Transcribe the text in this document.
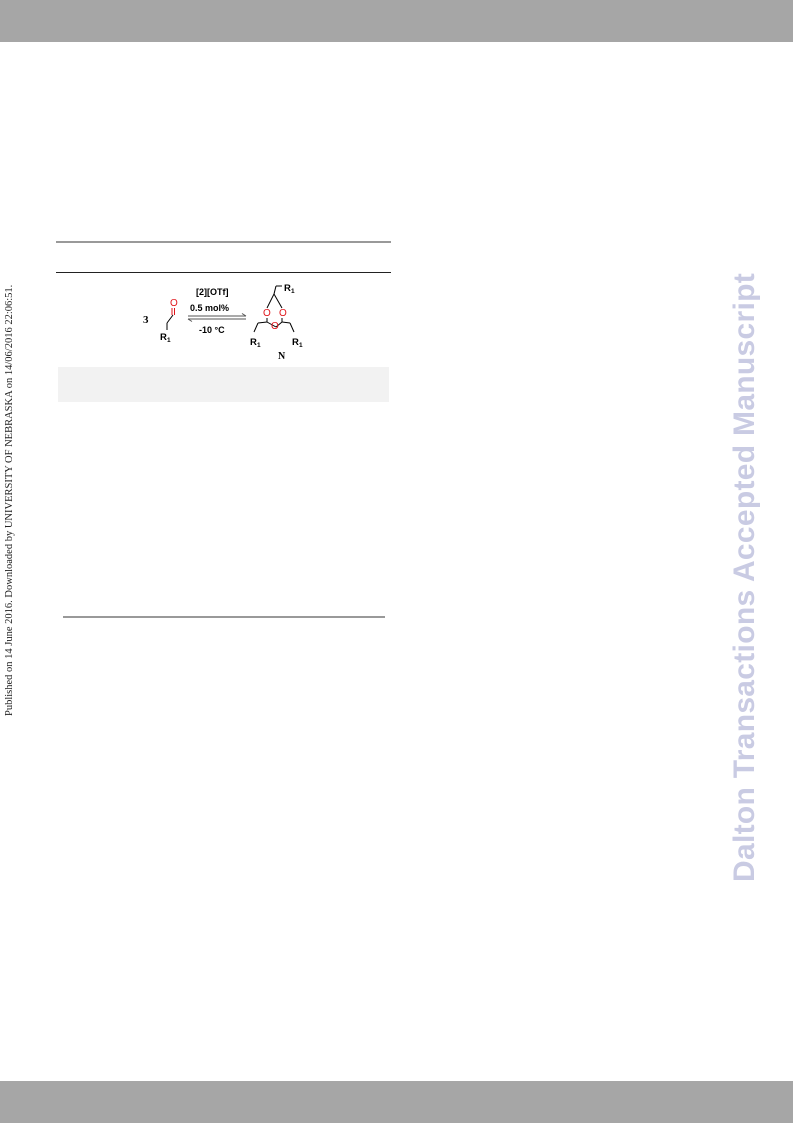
Published on 14 June 2016. Downloaded by UNIVERSITY OF NEBRASKA on 14/06/2016 22:06:51.	Dalton Transactions Accepted Manuscript
3
O
R 1
[2][OTf]
0.5 mol%
-10 °C
R 1
O O
O
R 1	R 1
N
